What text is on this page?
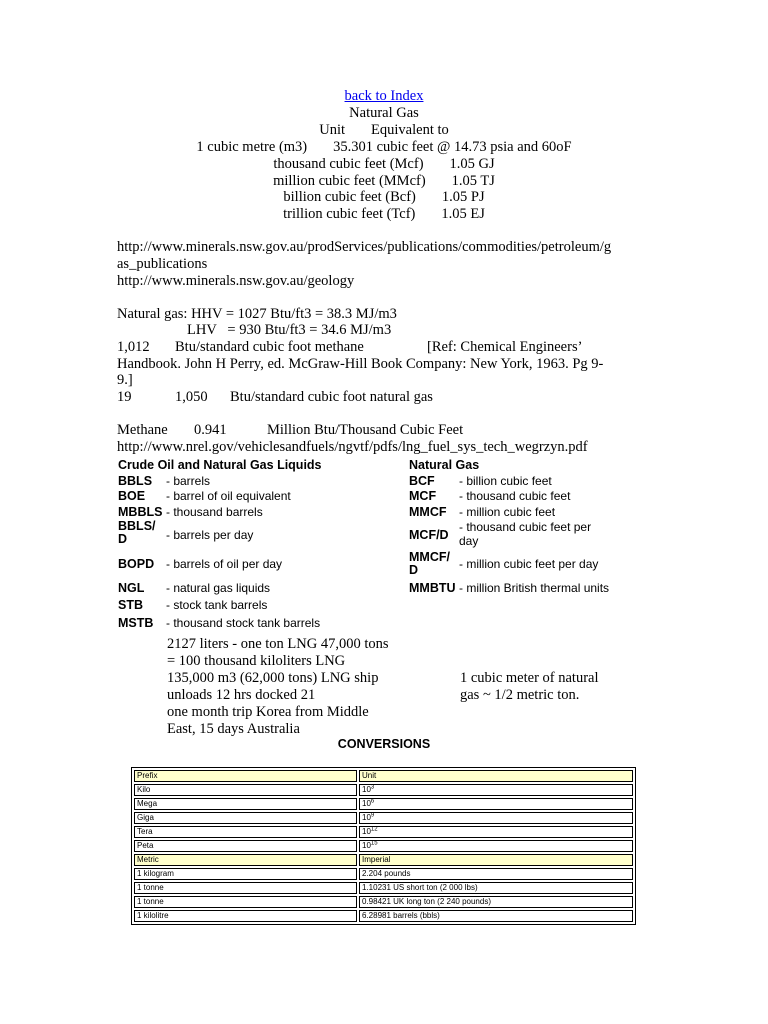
back to Index
Natural Gas
Unit Equivalent to
1 cubic metre (m3) 35.301 cubic feet @ 14.73 psia and 60oF
thousand cubic feet (Mcf) 1.05 GJ
million cubic feet (MMcf) 1.05 TJ
billion cubic feet (Bcf) 1.05 PJ
trillion cubic feet (Tcf) 1.05 EJ
http://www.minerals.nsw.gov.au/prodServices/publications/commodities/petroleum/g
as_publications
http://www.minerals.nsw.gov.au/geology
Natural gas: HHV = 1027 Btu/ft3 = 38.3 MJ/m3
LHV   = 930 Btu/ft3 = 34.6 MJ/m3
1,012 Btu/standard cubic foot methane	[Ref: Chemical Engineers’
Handbook. John H Perry, ed. McGraw-Hill Book Company: New York, 1963. Pg 9-
9.]
19	1,050 Btu/standard cubic foot natural gas
Methane 0.941	Million Btu/Thousand Cubic Feet
http://www.nrel.gov/vehiclesandfuels/ngvtf/pdfs/lng_fuel_sys_tech_wegrzyn.pdf
Crude Oil and Natural Gas Liquids	Natural Gas
BBLS - barrels
BOE - barrel of oil equivalent
MBBLS - thousand barrels
BBLS/ D	- barrels per day
BOPD - barrels of oil per day
NGL - natural gas liquids
STB - stock tank barrels
MSTB - thousand stock tank barrels
BCF - billion cubic feet
MCF - thousand cubic feet
MMCF - million cubic feet
MCF/D
- thousand cubic feet per day
MMCF/ D	- million cubic feet per day
MMBTU - million British thermal units
2127 liters - one ton LNG 47,000 tons
= 100 thousand kiloliters LNG
135,000 m3 (62,000 tons) LNG ship
unloads 12 hrs docked 21
one month trip Korea from Middle
East, 15 days Australia
1 cubic meter of natural
gas ~ 1/2 metric ton.
CONVERSIONS
Prefix	Unit
Kilo	$10^3$
Mega	$10^6$
Giga	$10^9$
Tera	$10^{12}$
Peta	$10^{15}$
Metric	Imperial
1 kilogram	2.204 pounds
1 tonne	1.10231 US short ton (2 000 lbs)
1 tonne	0.98421 UK long ton (2 240 pounds)
1 kilolitre	6.28981 barrels (bbls)
